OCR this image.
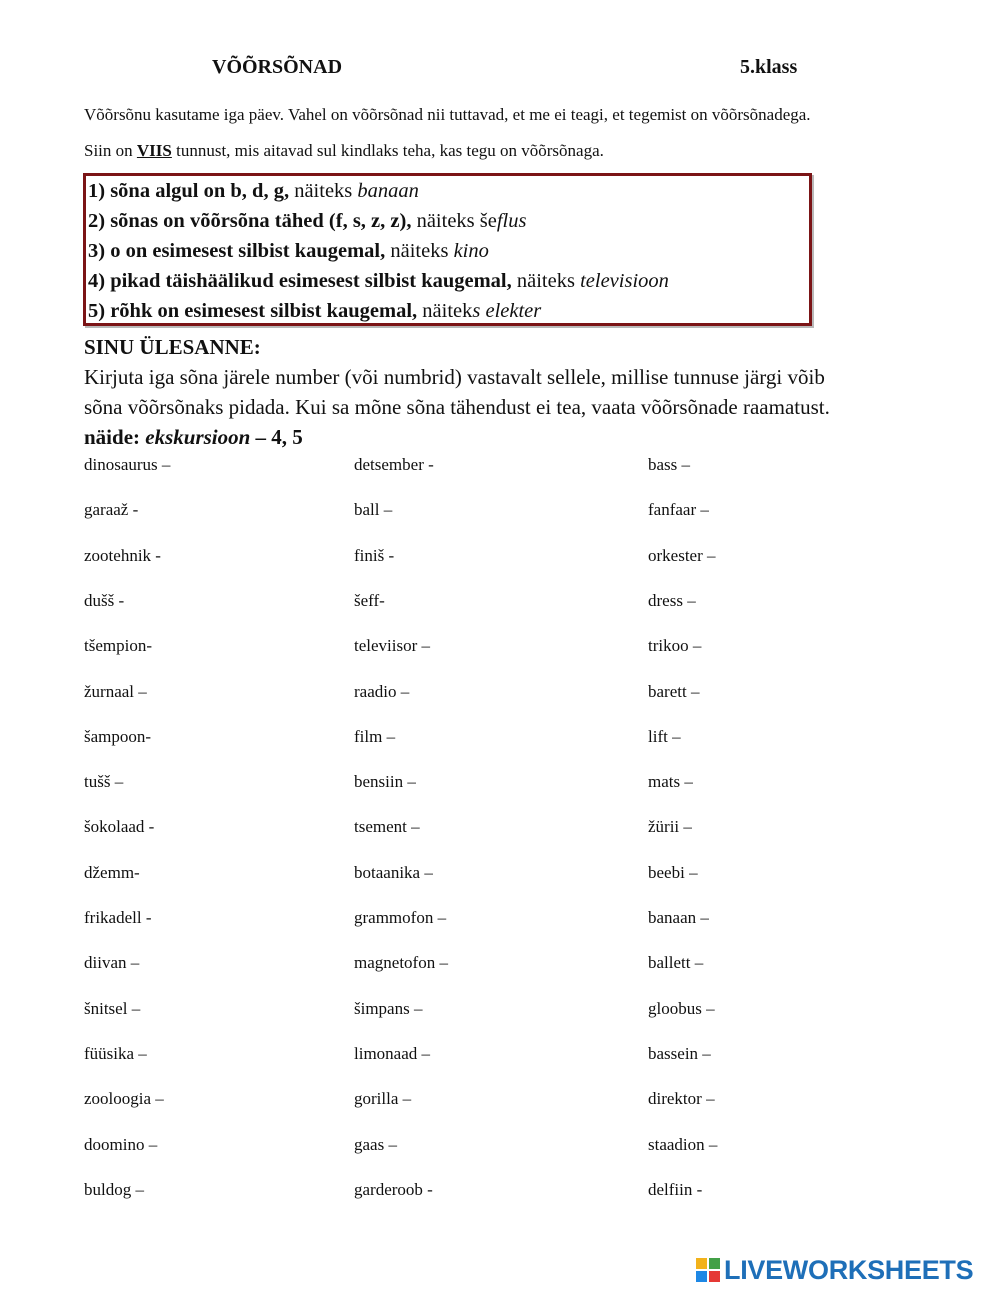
VÕÕRSÕNAD	5.klass
Võõrsõnu kasutame iga päev. Vahel on võõrsõnad nii tuttavad, et me ei teagi, et tegemist on võõrsõnadega.
Siin on VIIS tunnust, mis aitavad sul kindlaks teha, kas tegu on võõrsõnaga.
1) sõna algul on b, d, g, näiteks banaan
2) sõnas on võõrsõna tähed (f, s, z, z), näiteks šeflus
3) o on esimesest silbist kaugemal, näiteks kino
4) pikad täishäälikud esimesest silbist kaugemal, näiteks televisioon
5) rõhk on esimesest silbist kaugemal, näiteks elekter
SINU ÜLESANNE:
Kirjuta iga sõna järele number (või numbrid) vastavalt sellele, millise tunnuse järgi võib
sõna võõrsõnaks pidada. Kui sa mõne sõna tähendust ei tea, vaata võõrsõnade raamatust.
näide: ekskursioon – 4, 5
dinosaurus –
garaaž -
zootehnik -
dušš -
tšempion-
žurnaal –
šampoon-
tušš –
šokolaad -
džemm-
frikadell -
diivan –
šnitsel –
füüsika –
zooloogia –
doomino –
buldog –
detsember -
ball –
finiš -
šeff-
televiisor –
raadio –
film –
bensiin –
tsement –
botaanika –
grammofon –
magnetofon –
šimpans –
limonaad –
gorilla –
gaas –
garderoob -
bass –
fanfaar –
orkester –
dress –
trikoo –
barett –
lift –
mats –
žürii –
beebi –
banaan –
ballett –
gloobus –
bassein –
direktor –
staadion –
delfiin -
LIVEWORKSHEETS
